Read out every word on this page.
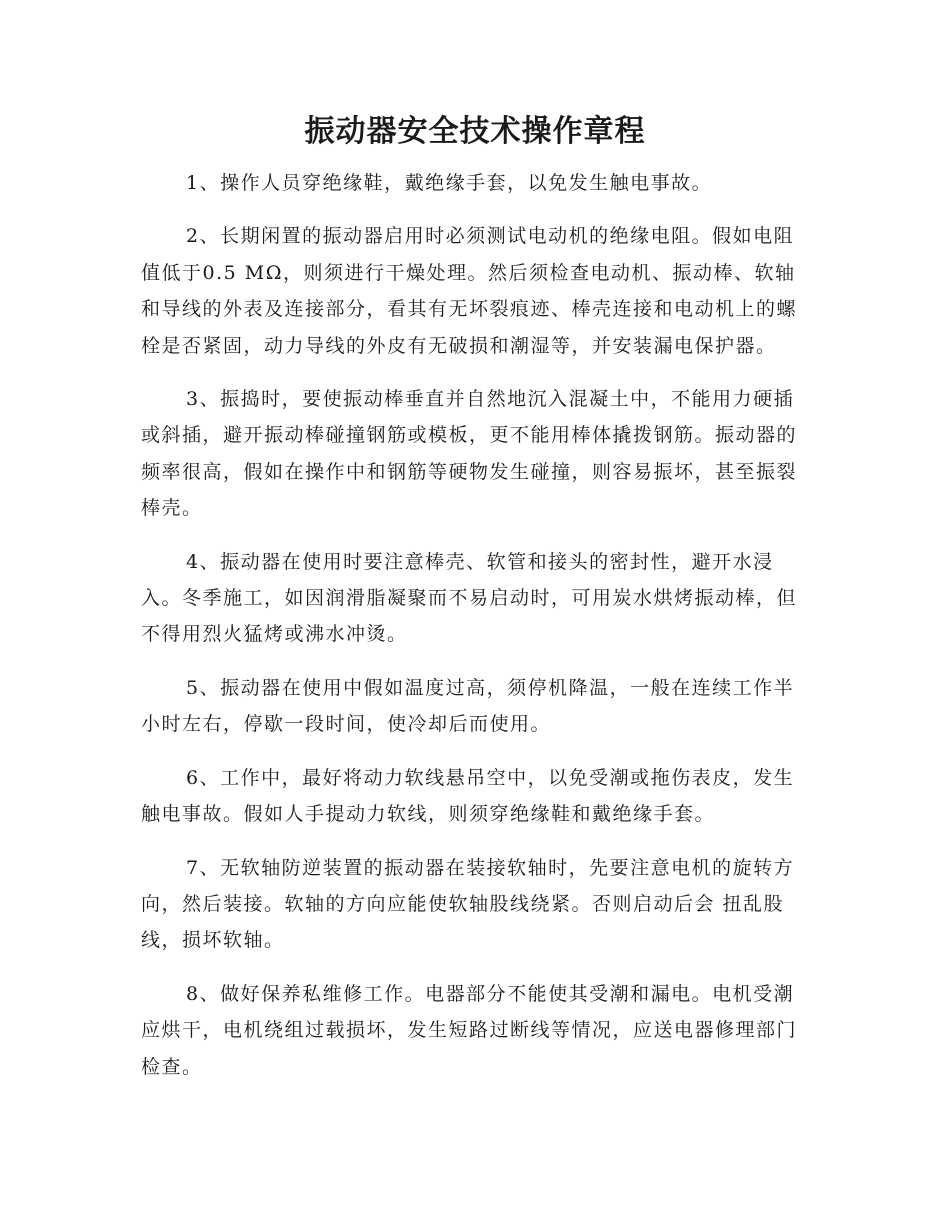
振动器安全技术操作章程

1、操作人员穿绝缘鞋，戴绝缘手套，以免发生触电事故。

2、长期闲置的振动器启用时必须测试电动机的绝缘电阻。假如电阻值低于0.5 MΩ，则须进行干燥处理。然后须检查电动机、振动棒、软轴和导线的外表及连接部分，看其有无坏裂痕迹、棒壳连接和电动机上的螺栓是否紧固，动力导线的外皮有无破损和潮湿等，并安装漏电保护器。

3、振捣时，要使振动棒垂直并自然地沉入混凝土中，不能用力硬插或斜插，避开振动棒碰撞钢筋或模板，更不能用棒体撬拨钢筋。振动器的频率很高，假如在操作中和钢筋等硬物发生碰撞，则容易振坏，甚至振裂棒壳。

4、振动器在使用时要注意棒壳、软管和接头的密封性，避开水浸入。冬季施工，如因润滑脂凝聚而不易启动时，可用炭水烘烤振动棒，但不得用烈火猛烤或沸水冲烫。

5、振动器在使用中假如温度过高，须停机降温，一般在连续工作半小时左右，停歇一段时间，使冷却后而使用。

6、工作中，最好将动力软线悬吊空中，以免受潮或拖伤表皮，发生触电事故。假如人手提动力软线，则须穿绝缘鞋和戴绝缘手套。

7、无软轴防逆装置的振动器在装接软轴时，先要注意电机的旋转方向，然后装接。软轴的方向应能使软轴股线绕紧。否则启动后会 扭乱股线，损坏软轴。

8、做好保养私维修工作。电器部分不能使其受潮和漏电。电机受潮应烘干，电机绕组过载损坏，发生短路过断线等情况，应送电器修理部门检查。
